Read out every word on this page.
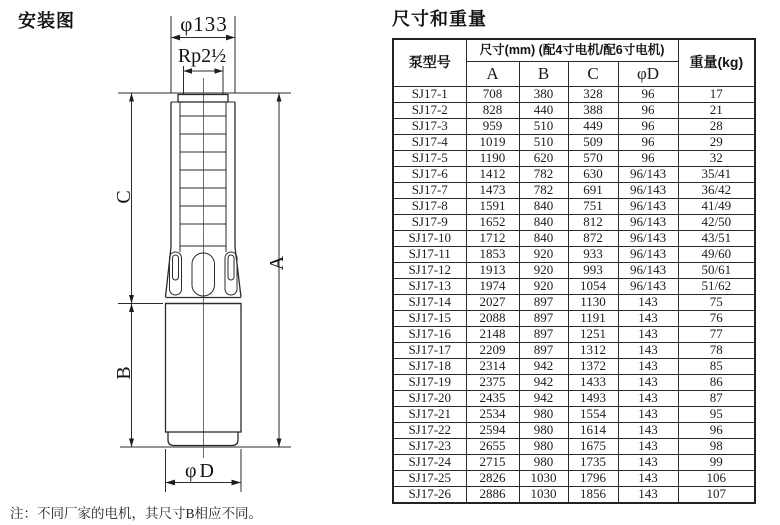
安装图	尺寸和重量
φ133
Rp2½
C
B
A
φD
注：不同厂家的电机，其尺寸B相应不同。
泵型号	尺寸(mm) (配4寸电机/配6寸电机)				重量(kg)
	A	B	C	φD	
SJ17-1	708	380	328	96	17
SJ17-2	828	440	388	96	21
SJ17-3	959	510	449	96	28
SJ17-4	1019	510	509	96	29
SJ17-5	1190	620	570	96	32
SJ17-6	1412	782	630	96/143	35/41
SJ17-7	1473	782	691	96/143	36/42
SJ17-8	1591	840	751	96/143	41/49
SJ17-9	1652	840	812	96/143	42/50
SJ17-10	1712	840	872	96/143	43/51
SJ17-11	1853	920	933	96/143	49/60
SJ17-12	1913	920	993	96/143	50/61
SJ17-13	1974	920	1054	96/143	51/62
SJ17-14	2027	897	1130	143	75
SJ17-15	2088	897	1191	143	76
SJ17-16	2148	897	1251	143	77
SJ17-17	2209	897	1312	143	78
SJ17-18	2314	942	1372	143	85
SJ17-19	2375	942	1433	143	86
SJ17-20	2435	942	1493	143	87
SJ17-21	2534	980	1554	143	95
SJ17-22	2594	980	1614	143	96
SJ17-23	2655	980	1675	143	98
SJ17-24	2715	980	1735	143	99
SJ17-25	2826	1030	1796	143	106
SJ17-26	2886	1030	1856	143	107
